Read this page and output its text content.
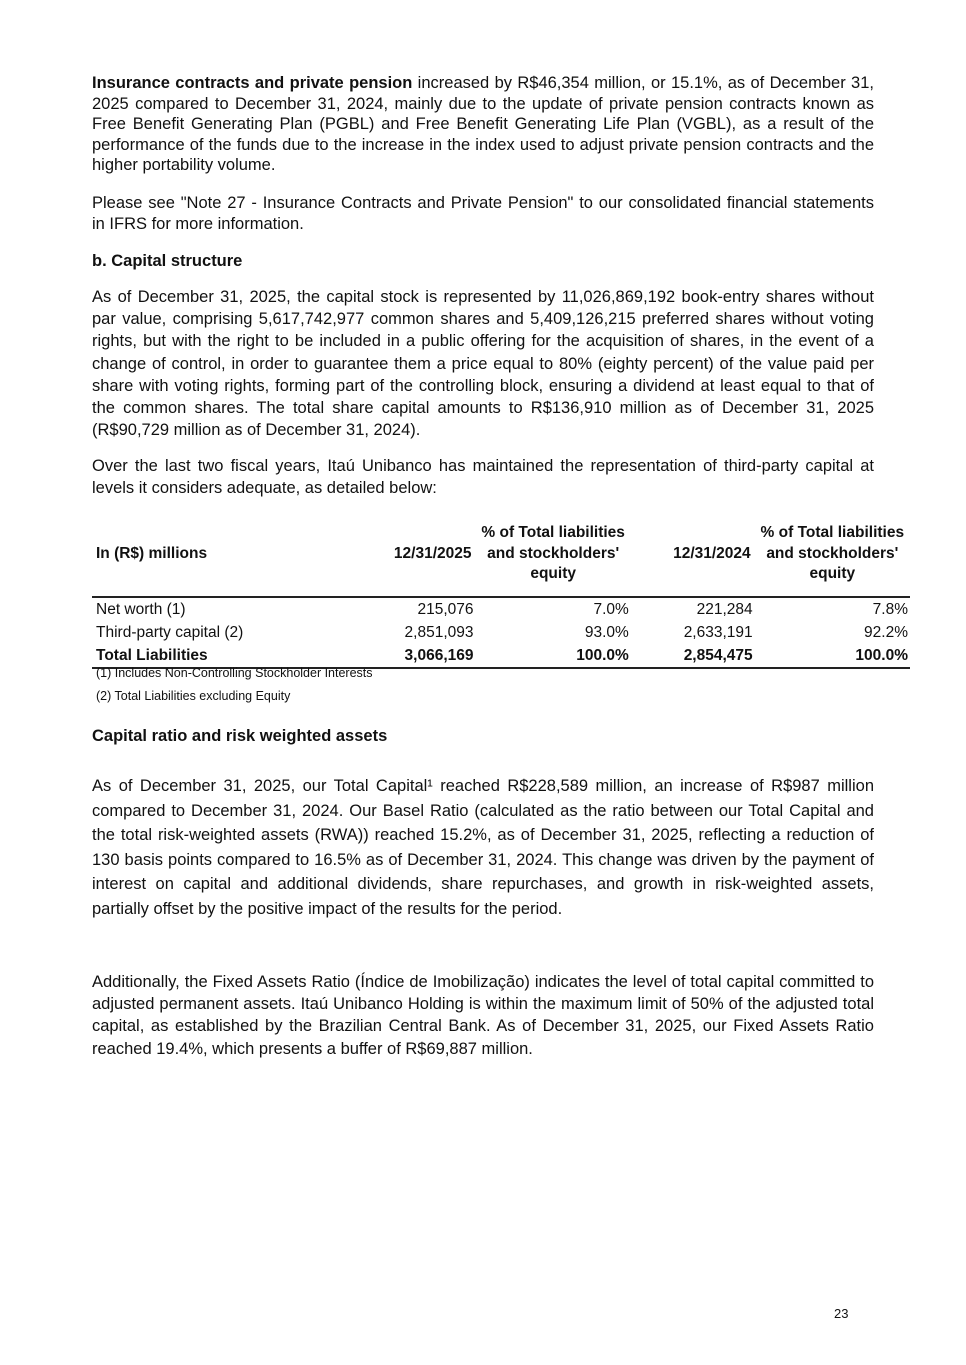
Insurance contracts and private pension increased by R$46,354 million, or 15.1%, as of December 31, 2025 compared to December 31, 2024, mainly due to the update of private pension contracts known as Free Benefit Generating Plan (PGBL) and Free Benefit Generating Life Plan (VGBL), as a result of the performance of the funds due to the increase in the index used to adjust private pension contracts and the higher portability volume.
Please see "Note 27 - Insurance Contracts and Private Pension" to our consolidated financial statements in IFRS for more information.
b. Capital structure
As of December 31, 2025, the capital stock is represented by 11,026,869,192 book-entry shares without par value, comprising 5,617,742,977 common shares and 5,409,126,215 preferred shares without voting rights, but with the right to be included in a public offering for the acquisition of shares, in the event of a change of control, in order to guarantee them a price equal to 80% (eighty percent) of the value paid per share with voting rights, forming part of the controlling block, ensuring a dividend at least equal to that of the common shares. The total share capital amounts to R$136,910 million as of December 31, 2025 (R$90,729 million as of December 31, 2024).
Over the last two fiscal years, Itaú Unibanco has maintained the representation of third-party capital at levels it considers adequate, as detailed below:
In (R$) millions	12/31/2025	% of Total liabilities and stockholders' equity	12/31/2024	% of Total liabilities and stockholders' equity
Net worth (1)	215,076	7.0%	221,284	7.8%
Third-party capital (2)	2,851,093	93.0%	2,633,191	92.2%
Total Liabilities	3,066,169	100.0%	2,854,475	100.0%
(1) Includes Non-Controlling Stockholder Interests
(2) Total Liabilities excluding Equity
Capital ratio and risk weighted assets
As of December 31, 2025, our Total Capital¹ reached R$228,589 million, an increase of R$987 million compared to December 31, 2024. Our Basel Ratio (calculated as the ratio between our Total Capital and the total risk-weighted assets (RWA)) reached 15.2%, as of December 31, 2025, reflecting a reduction of 130 basis points compared to 16.5% as of December 31, 2024. This change was driven by the payment of interest on capital and additional dividends, share repurchases, and growth in risk-weighted assets, partially offset by the positive impact of the results for the period.
Additionally, the Fixed Assets Ratio (Índice de Imobilização) indicates the level of total capital committed to adjusted permanent assets. Itaú Unibanco Holding is within the maximum limit of 50% of the adjusted total capital, as established by the Brazilian Central Bank. As of December 31, 2025, our Fixed Assets Ratio reached 19.4%, which presents a buffer of R$69,887 million.
23
